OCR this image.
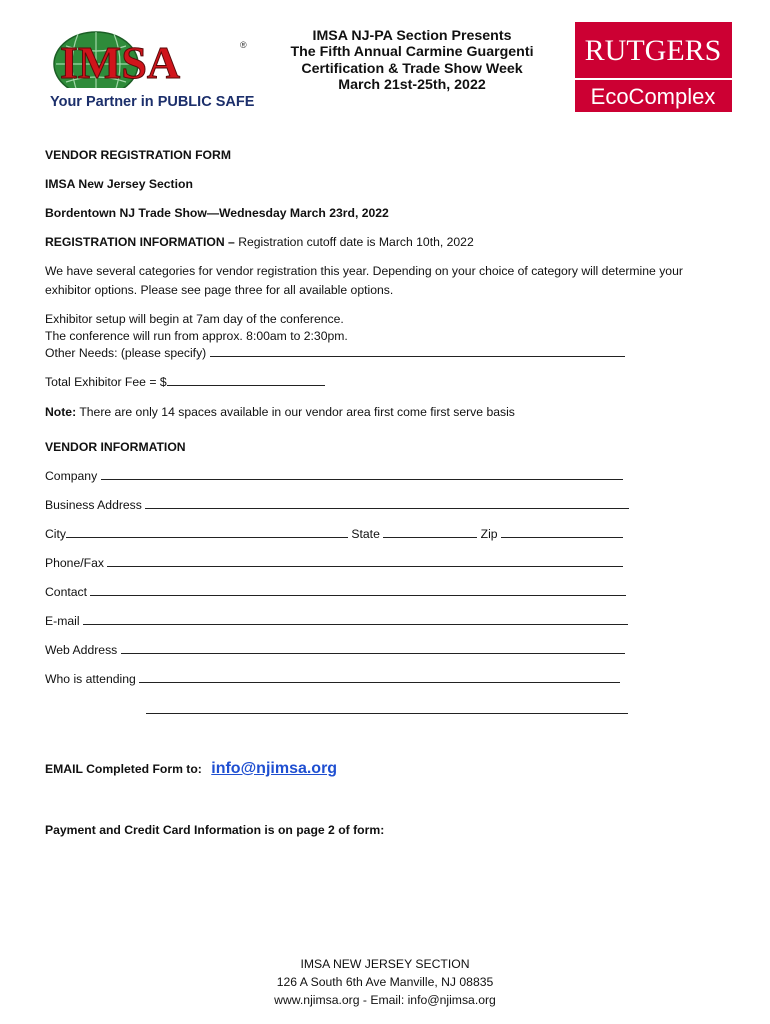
IMSA	®
Your Partner in PUBLIC SAFETY
IMSA NJ-PA Section Presents
The Fifth Annual Carmine Guargenti
Certification & Trade Show Week
March 21st-25th, 2022
RUTGERS
EcoComplex
VENDOR REGISTRATION FORM
IMSA New Jersey Section
Bordentown NJ Trade Show—Wednesday March 23rd, 2022
REGISTRATION INFORMATION – Registration cutoff date is March 10th, 2022
We have several categories for vendor registration this year. Depending on your choice of category will determine your
exhibitor options. Please see page three for all available options.
Exhibitor setup will begin at 7am day of the conference.
The conference will run from approx. 8:00am to 2:30pm.
Other Needs: (please specify)
Total Exhibitor Fee = $
Note: There are only 14 spaces available in our vendor area first come first serve basis
VENDOR INFORMATION
Company
Business Address
City	State	Zip
Phone/Fax
Contact
E-mail
Web Address
Who is attending
EMAIL Completed Form to: info@njimsa.org
Payment and Credit Card Information is on page 2 of form:
IMSA NEW JERSEY SECTION
126 A South 6th Ave Manville, NJ 08835
www.njimsa.org - Email: info@njimsa.org
